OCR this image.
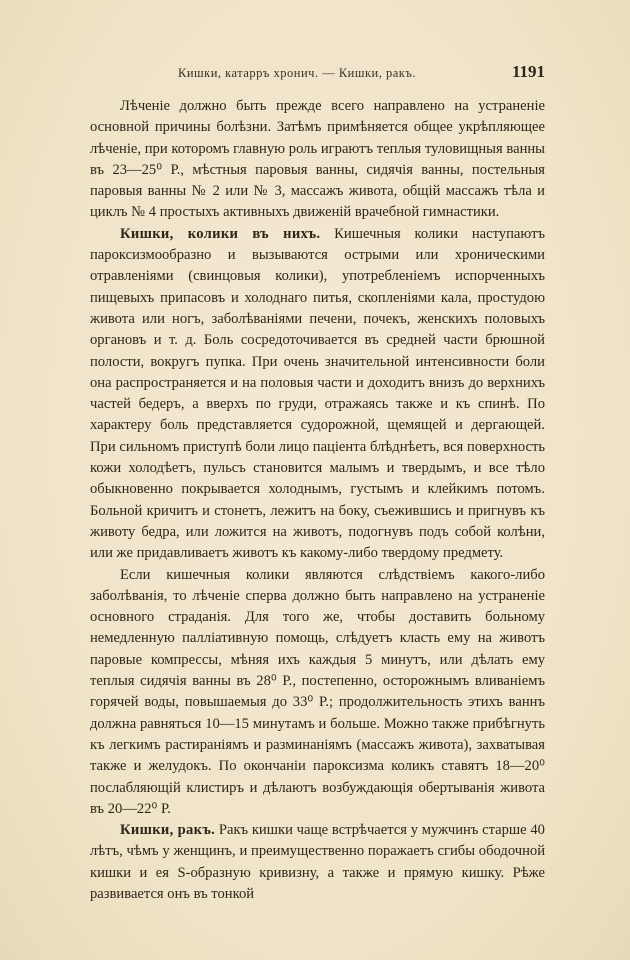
Кишки, катарръ хронич. — Кишки, ракъ.	1191

Лѣченіе должно быть прежде всего направлено на устраненіе основной причины болѣзни. Затѣмъ примѣняется общее укрѣпляющее лѣченіе, при которомъ главную роль играютъ теплыя туловищныя ванны въ 23—25⁰ Р., мѣстныя паровыя ванны, сидячія ванны, постельныя паровыя ванны № 2 или № 3, массажъ живота, общій массажъ тѣла и циклъ № 4 простыхъ активныхъ движеній врачебной гимнастики.

Кишки, колики въ нихъ. Кишечныя колики наступаютъ пароксизмообразно и вызываются острыми или хроническими отравленіями (свинцовыя колики), употребленіемъ испорченныхъ пищевыхъ припасовъ и холоднаго питья, скопленіями кала, простудою живота или ногъ, заболѣваніями печени, почекъ, женскихъ половыхъ органовъ и т. д. Боль сосредоточивается въ средней части брюшной полости, вокругъ пупка. При очень значительной интенсивности боли она распространяется и на половыя части и доходитъ внизъ до верхнихъ частей бедеръ, а вверхъ по груди, отражаясь также и къ спинѣ. По характеру боль представляется судорожной, щемящей и дергающей. При сильномъ приступѣ боли лицо паціента блѣднѣетъ, вся поверхность кожи холодѣетъ, пульсъ становится малымъ и твердымъ, и все тѣло обыкновенно покрывается холоднымъ, густымъ и клейкимъ потомъ. Больной кричитъ и стонетъ, лежитъ на боку, съежившись и пригнувъ къ животу бедра, или ложится на животъ, подогнувъ подъ собой колѣни, или же придавливаетъ животъ къ какому-либо твердому предмету.

Если кишечныя колики являются слѣдствіемъ какого-либо заболѣванія, то лѣченіе сперва должно быть направлено на устраненіе основного страданія. Для того же, чтобы доставить больному немедленную палліативную помощь, слѣдуетъ класть ему на животъ паровые компрессы, мѣняя ихъ каждыя 5 минутъ, или дѣлать ему теплыя сидячія ванны въ 28⁰ Р., постепенно, осторожнымъ вливаніемъ горячей воды, повышаемыя до 33⁰ Р.; продолжительность этихъ ваннъ должна равняться 10—15 минутамъ и больше. Можно также прибѣгнуть къ легкимъ растираніямъ и разминаніямъ (массажъ живота), захватывая также и желудокъ. По окончаніи пароксизма коликъ ставятъ 18—20⁰ послабляющій клистиръ и дѣлаютъ возбуждающія обертыванія живота въ 20—22⁰ Р.

Кишки, ракъ. Ракъ кишки чаще встрѣчается у мужчинъ старше 40 лѣтъ, чѣмъ у женщинъ, и преимущественно поражаетъ сгибы ободочной кишки и ея S-образную кривизну, а также и прямую кишку. Рѣже развивается онъ въ тонкой
